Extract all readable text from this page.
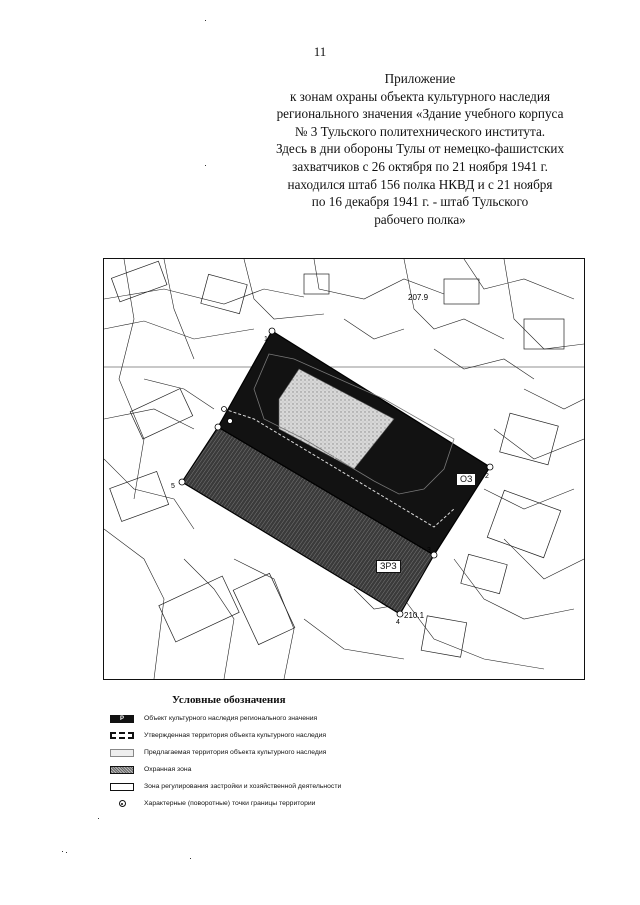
11
Приложение
к зонам охраны объекта культурного наследия
регионального значения «Здание учебного корпуса
№ 3 Тульского политехнического института.
Здесь в дни обороны Тулы от немецко-фашистских
захватчиков с 26 октября по 21 ноября 1941 г.
находился штаб 156 полка НКВД и с 21 ноября
по 16 декабря 1941 г. - штаб Тульского
рабочего полка»
1
2
3
4
5
207.9
210.1
ОЗ
ЗРЗ
Р
Условные обозначения
Р	Объект культурного наследия регионального значения
Утвержденная территория объекта культурного наследия
Предлагаемая территория объекта культурного наследия
Охранная зона
Зона регулирования застройки и хозяйственной деятельности
Характерные (поворотные) точки границы территории
